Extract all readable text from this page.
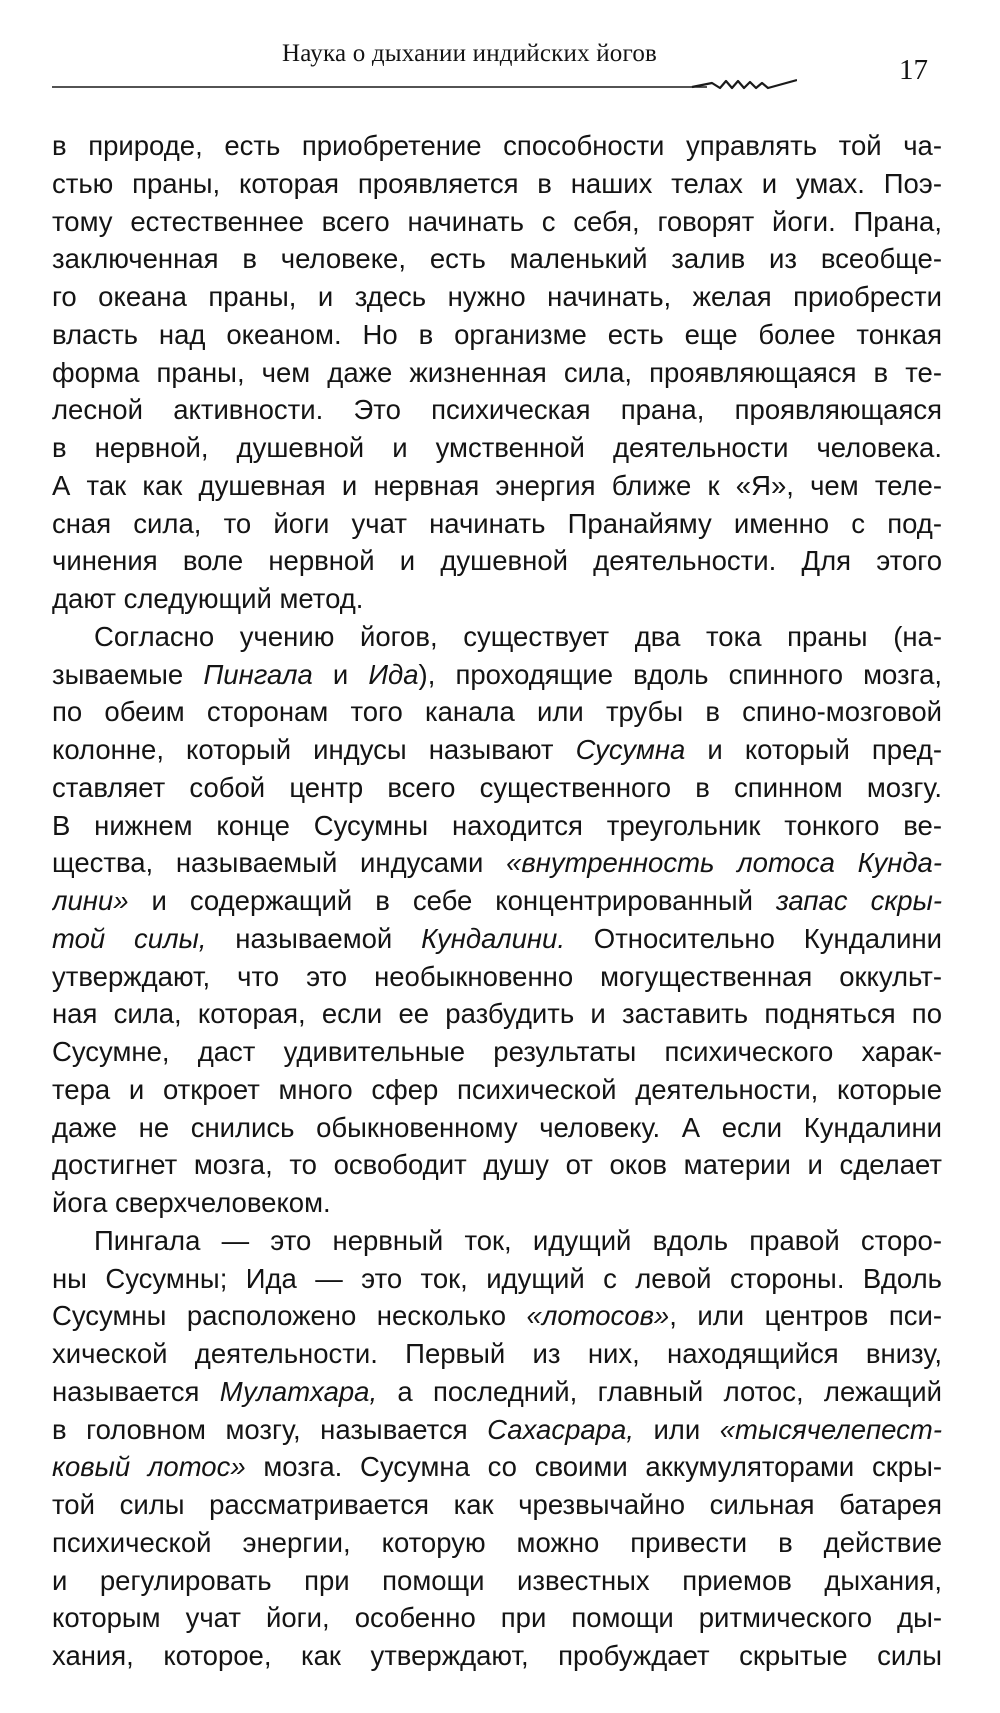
Наука о дыхании индийских йогов
17
в природе, есть приобретение способности управлять той ча-
стью праны, которая проявляется в наших телах и умах. Поэ-
тому естественнее всего начинать с себя, говорят йоги. Прана,
заключенная в человеке, есть маленький залив из всеобще-
го океана праны, и здесь нужно начинать, желая приобрести
власть над океаном. Но в организме есть еще более тонкая
форма праны, чем даже жизненная сила, проявляющаяся в те-
лесной активности. Это психическая прана, проявляющаяся
в нервной, душевной и умственной деятельности человека.
А так как душевная и нервная энергия ближе к «Я», чем теле-
сная сила, то йоги учат начинать Пранайяму именно с под-
чинения воле нервной и душевной деятельности. Для этого
дают следующий метод.
Согласно учению йогов, существует два тока праны (на-
зываемые Пингала и Ида), проходящие вдоль спинного мозга,
по обеим сторонам того канала или трубы в спино-мозговой
колонне, который индусы называют Сусумна и который пред-
ставляет собой центр всего существенного в спинном мозгу.
В нижнем конце Сусумны находится треугольник тонкого ве-
щества, называемый индусами «внутренность лотоса Кунда-
лини» и содержащий в себе концентрированный запас скры-
той силы, называемой Кундалини. Относительно Кундалини
утверждают, что это необыкновенно могущественная оккульт-
ная сила, которая, если ее разбудить и заставить подняться по
Сусумне, даст удивительные результаты психического харак-
тера и откроет много сфер психической деятельности, которые
даже не снились обыкновенному человеку. А если Кундалини
достигнет мозга, то освободит душу от оков материи и сделает
йога сверхчеловеком.
Пингала — это нервный ток, идущий вдоль правой сторо-
ны Сусумны; Ида — это ток, идущий с левой стороны. Вдоль
Сусумны расположено несколько «лотосов», или центров пси-
хической деятельности. Первый из них, находящийся внизу,
называется Мулатхара, а последний, главный лотос, лежащий
в головном мозгу, называется Сахасрара, или «тысячелепест-
ковый лотос» мозга. Сусумна со своими аккумуляторами скры-
той силы рассматривается как чрезвычайно сильная батарея
психической энергии, которую можно привести в действие
и регулировать при помощи известных приемов дыхания,
которым учат йоги, особенно при помощи ритмического ды-
хания, которое, как утверждают, пробуждает скрытые силы
